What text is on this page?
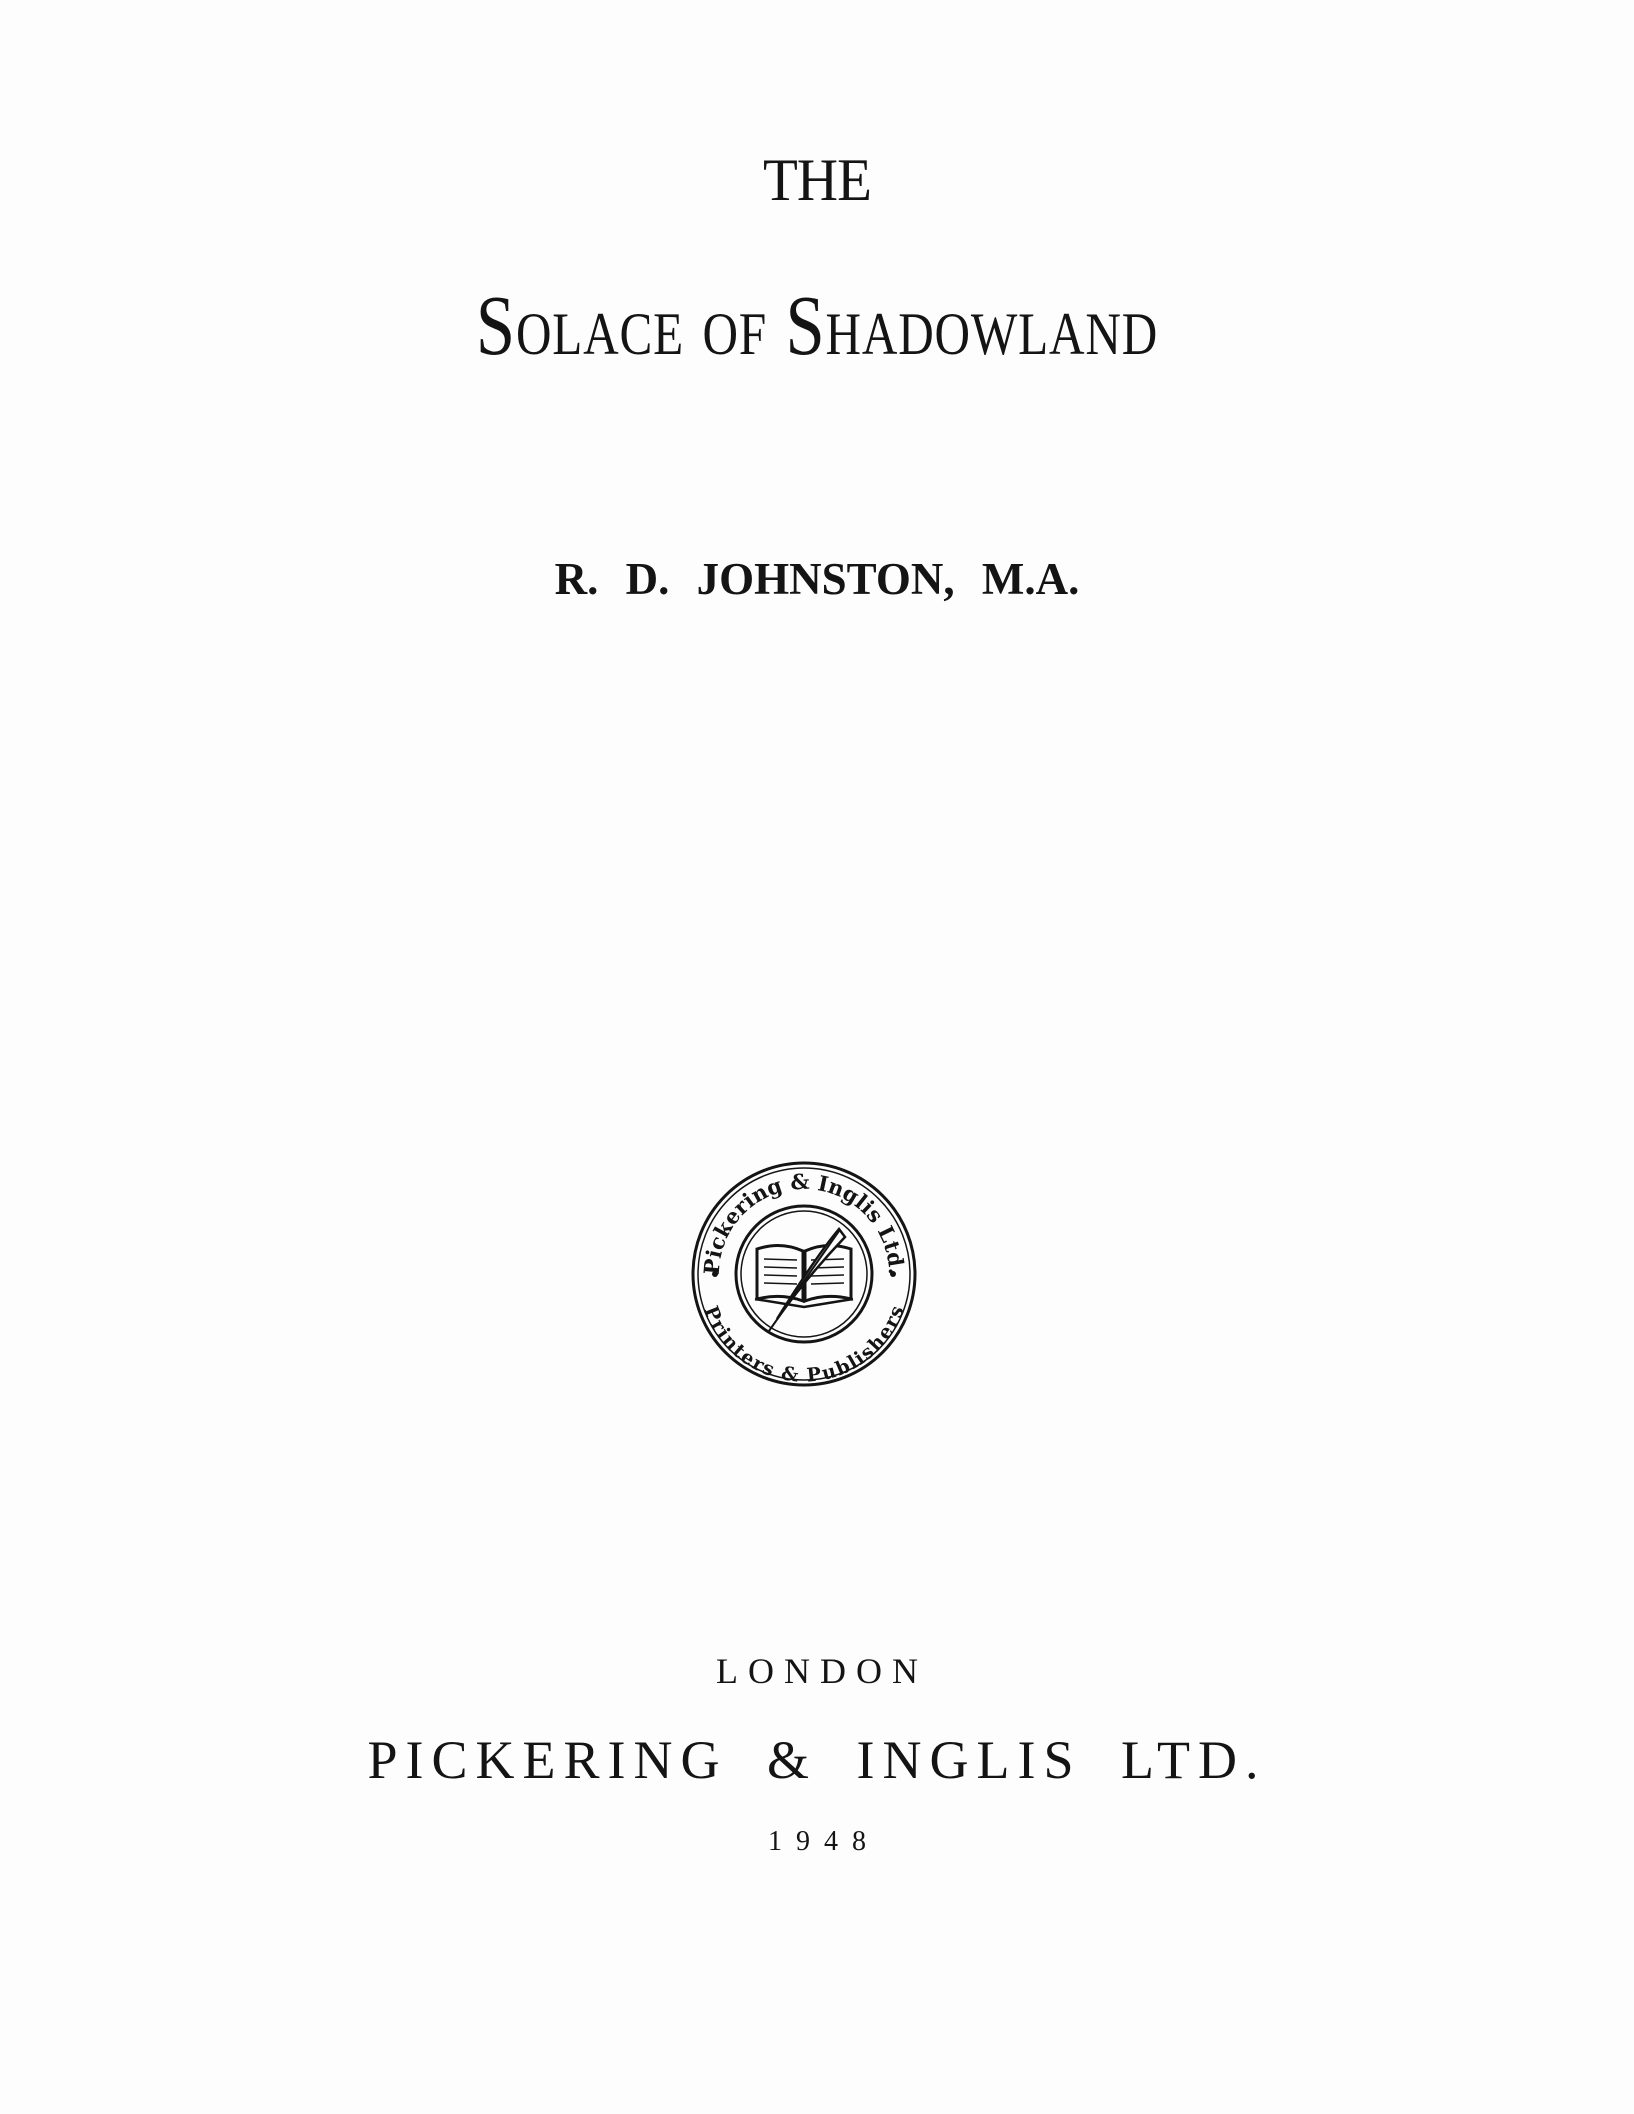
THE
Solace of Shadowland
R. D. JOHNSTON, M.A.
Pickering & Inglis Ltd.
Printers & Publishers
LONDON
PICKERING & INGLIS LTD.
1948
